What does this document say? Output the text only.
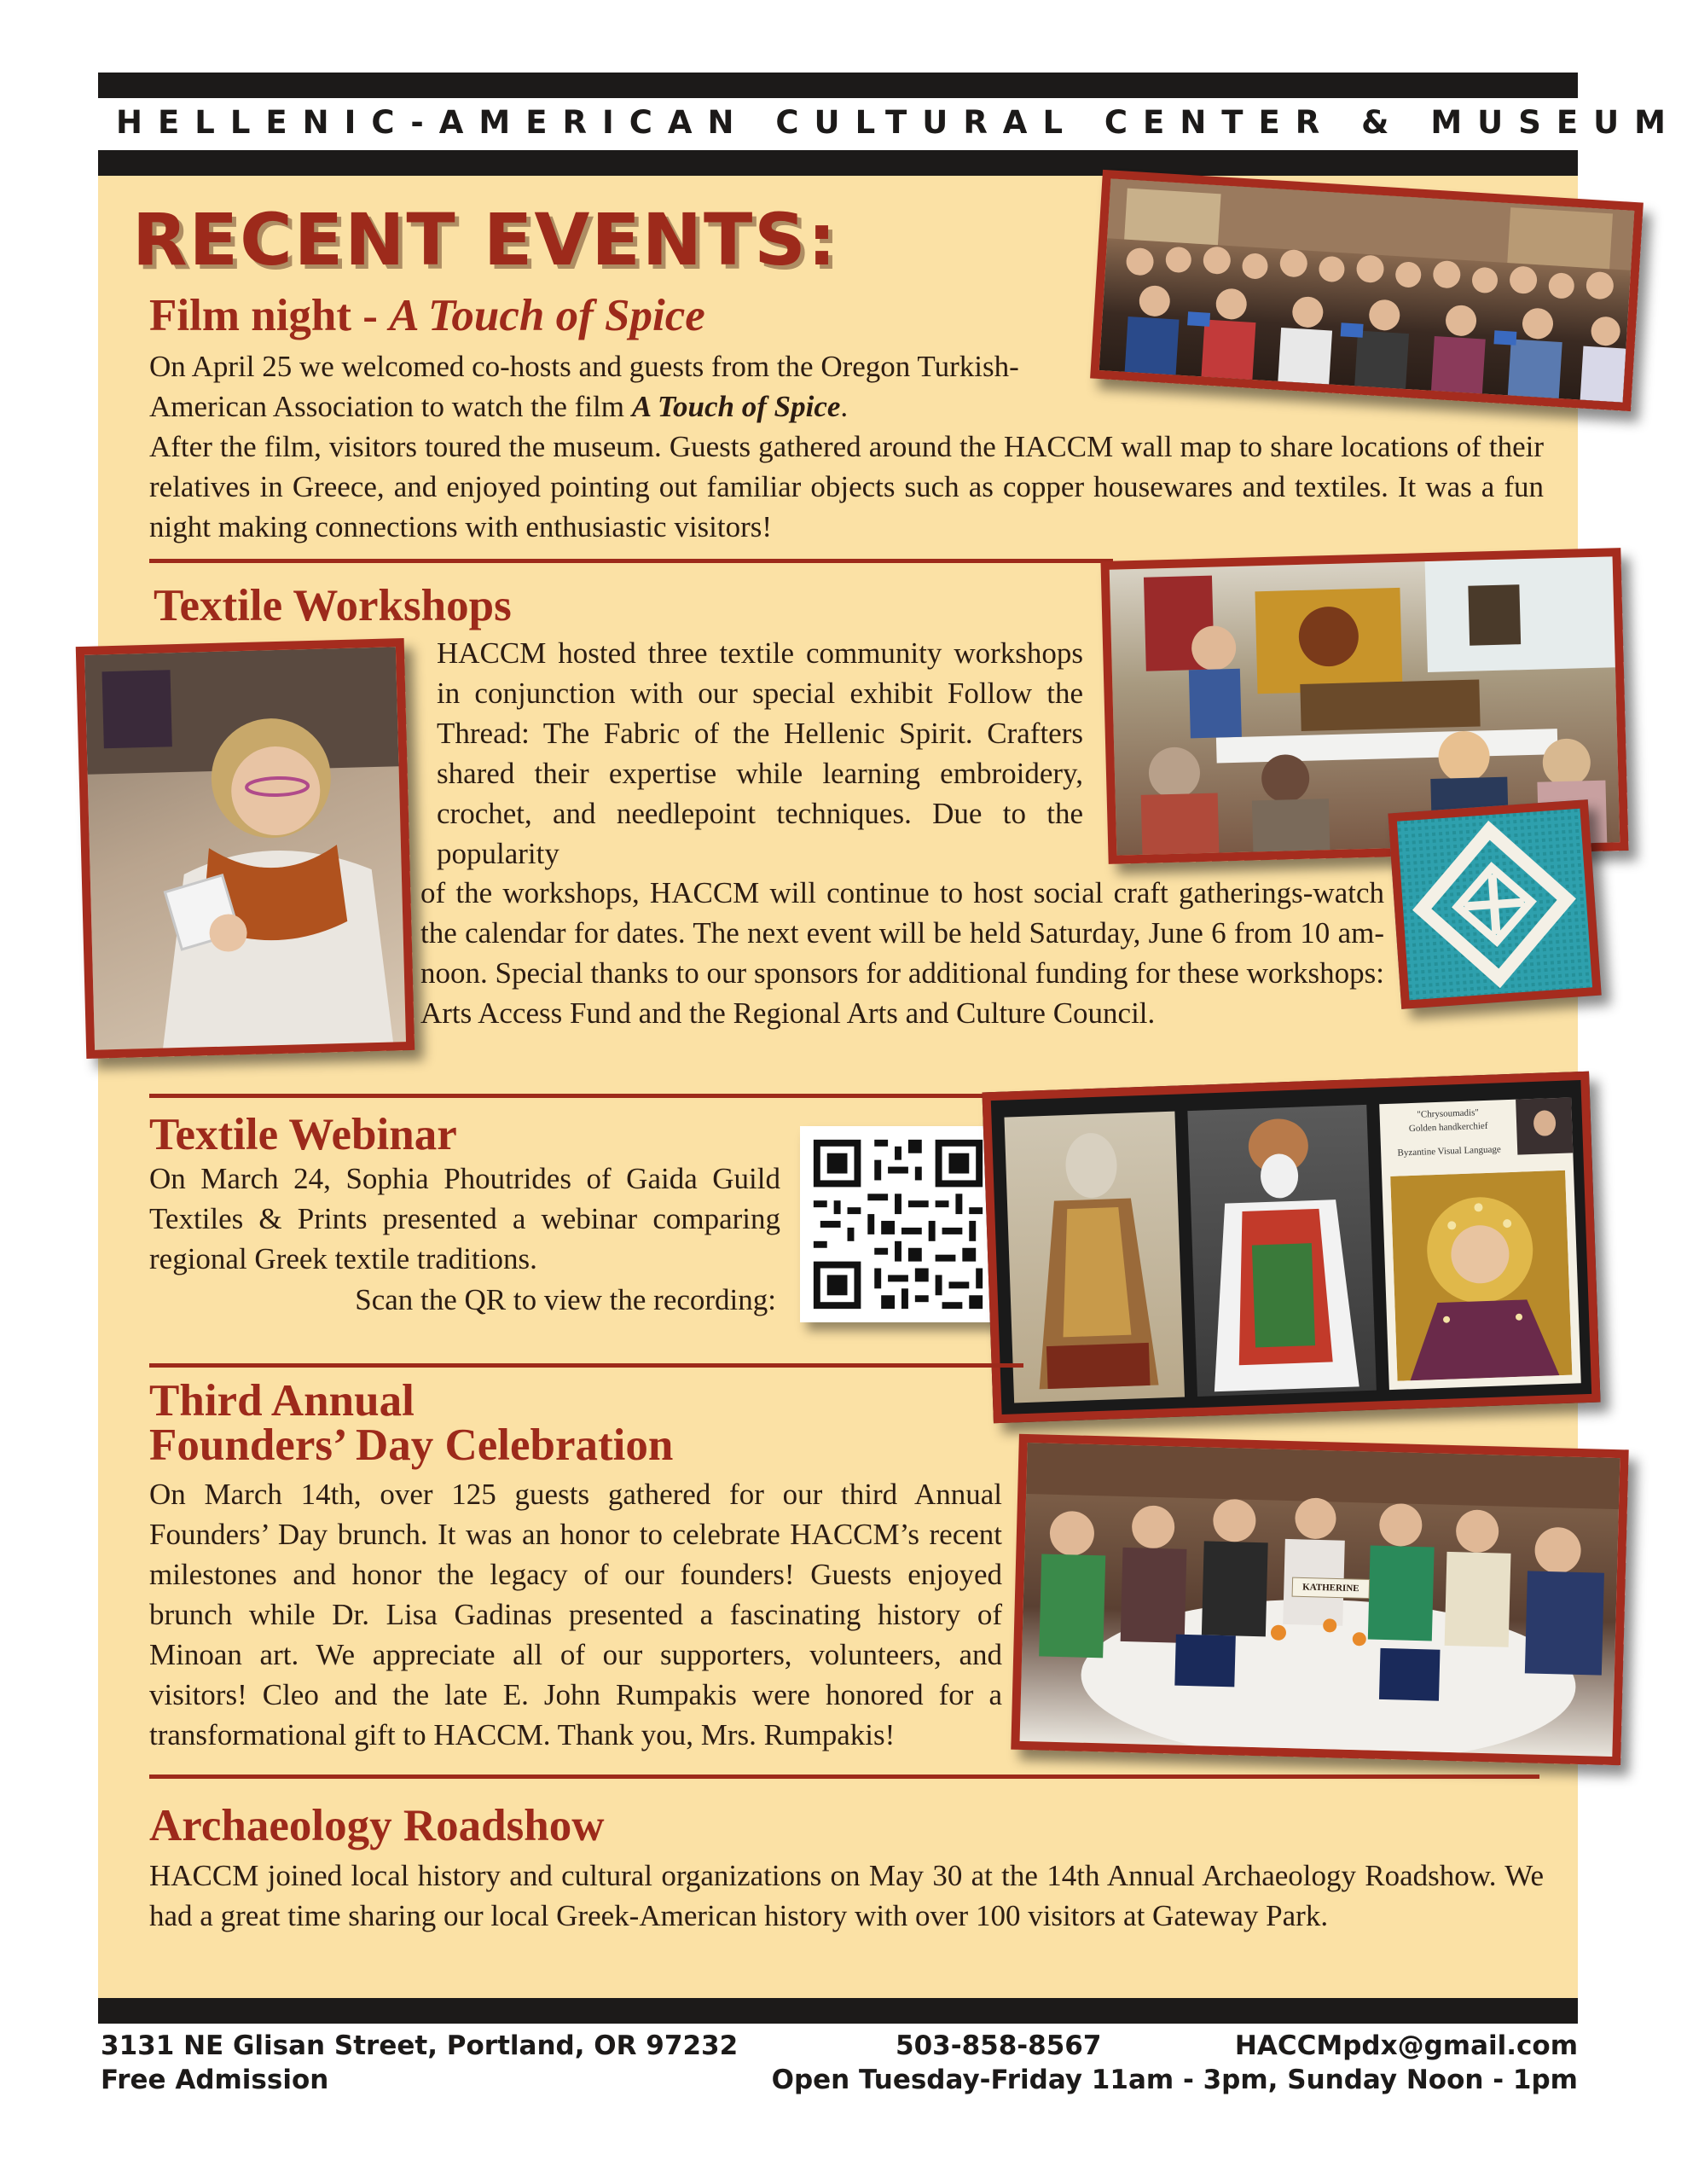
HELLENIC-AMERICAN CULTURAL CENTER & MUSEUM
RECENT EVENTS:
Film night - A Touch of Spice
On April 25 we welcomed co-hosts and guests from the Oregon Turkish-American Association to watch the film A Touch of Spice.
After the film, visitors toured the museum. Guests gathered around the HACCM wall map to share locations of their relatives in Greece, and enjoyed pointing out familiar objects such as copper housewares and textiles. It was a fun night making connections with enthusiastic visitors!
Textile Workshops
HACCM hosted three textile community workshops in conjunction with our special exhibit Follow the Thread: The Fabric of the Hellenic Spirit. Crafters shared their expertise while learning embroidery, crochet, and needlepoint techniques. Due to the popularity
of the workshops, HACCM will continue to host social craft gatherings-watch the calendar for dates. The next event will be held Saturday, June 6 from 10 am-noon. Special thanks to our sponsors for additional funding for these workshops: Arts Access Fund and the Regional Arts and Culture Council.
Textile Webinar
On March 24, Sophia Phoutrides of Gaida Guild Textiles & Prints presented a webinar comparing regional Greek textile traditions.
Scan the QR to view the recording:
"Chrysoumadis"
Golden handkerchief
Byzantine Visual Language
Third Annual
Founders’ Day Celebration
On March 14th, over 125 guests gathered for our third Annual Founders’ Day brunch. It was an honor to celebrate HACCM’s recent milestones and honor the legacy of our founders! Guests enjoyed brunch while Dr. Lisa Gadinas presented a fascinating history of Minoan art. We appreciate all of our supporters, volunteers, and visitors! Cleo and the late E. John Rumpakis were honored for a transformational gift to HACCM. Thank you, Mrs. Rumpakis!
KATHERINE
Archaeology Roadshow
HACCM joined local history and cultural organizations on May 30 at the 14th Annual Archaeology Roadshow. We had a great time sharing our local Greek-American history with over 100 visitors at Gateway Park.
3131 NE Glisan Street, Portland, OR 97232	503-858-8567	HACCMpdx@gmail.com
Free Admission	Open Tuesday-Friday 11am - 3pm, Sunday Noon - 1pm
